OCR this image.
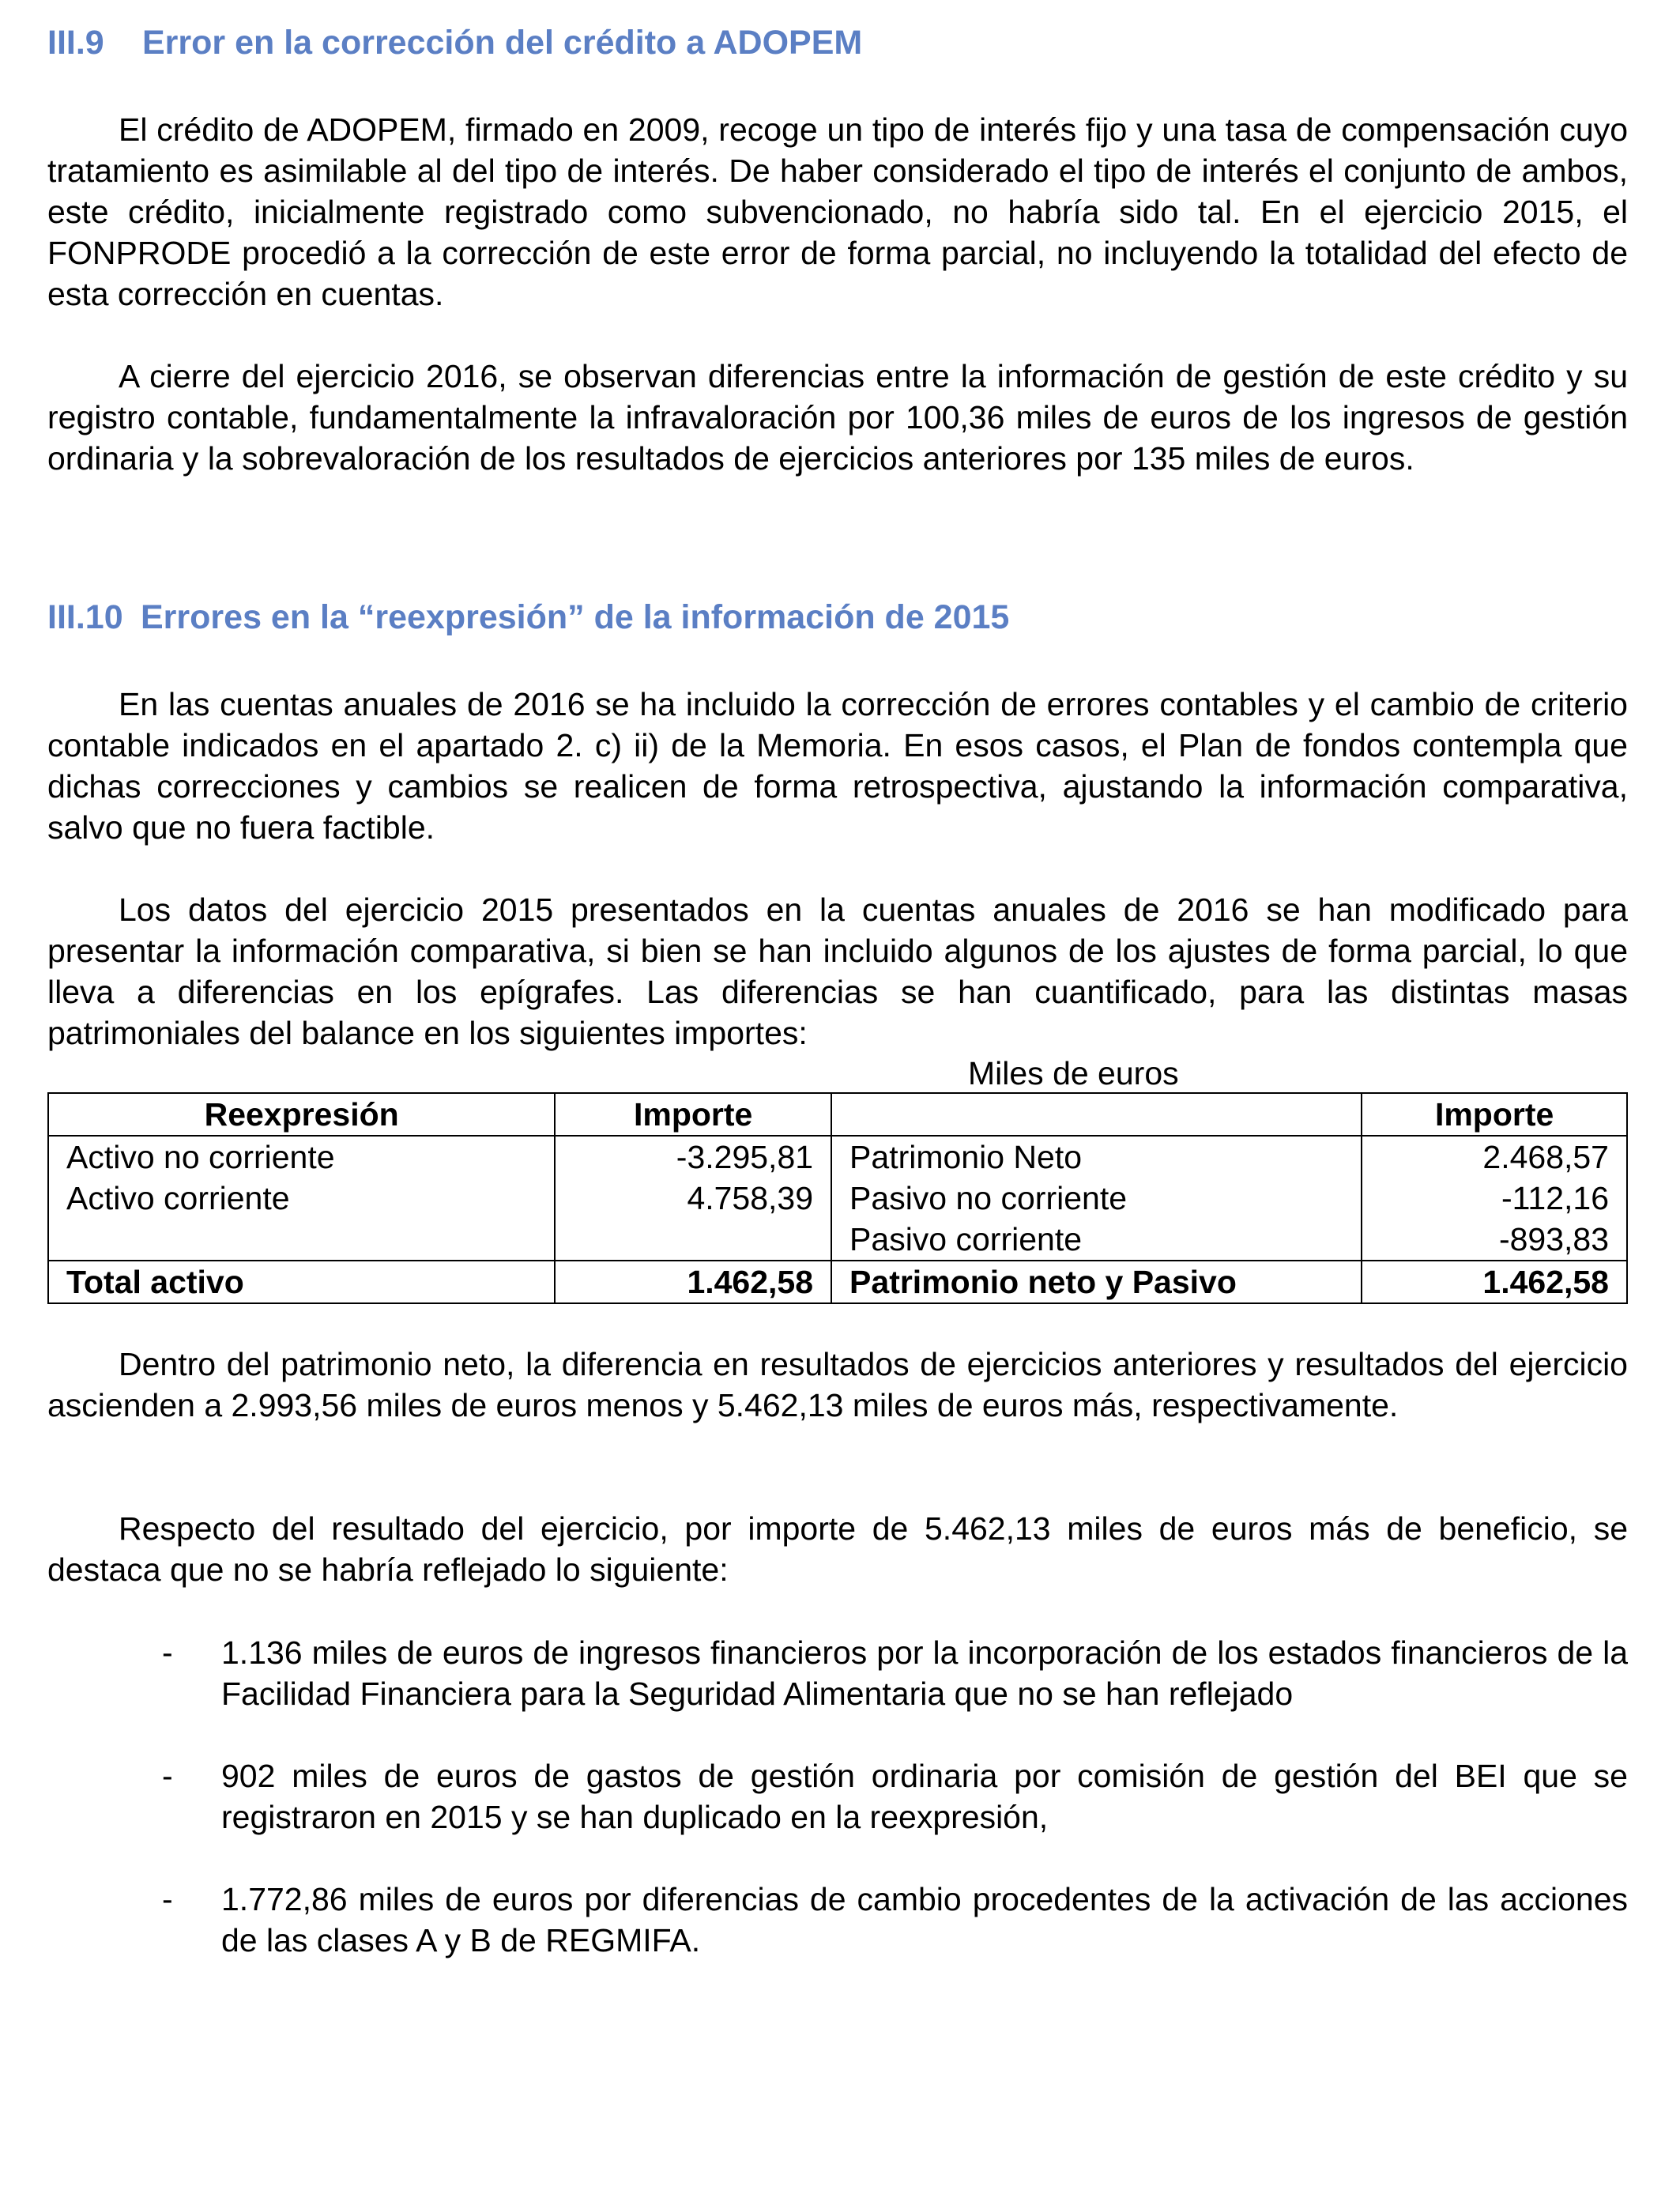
III.9 Error en la corrección del crédito a ADOPEM
El crédito de ADOPEM, firmado en 2009, recoge un tipo de interés fijo y una tasa de compensación cuyo tratamiento es asimilable al del tipo de interés. De haber considerado el tipo de interés el conjunto de ambos, este crédito, inicialmente registrado como subvencionado, no habría sido tal. En el ejercicio 2015, el FONPRODE procedió a la corrección de este error de forma parcial, no incluyendo la totalidad del efecto de esta corrección en cuentas.
A cierre del ejercicio 2016, se observan diferencias entre la información de gestión de este crédito y su registro contable, fundamentalmente la infravaloración por 100,36 miles de euros de los ingresos de gestión ordinaria y la sobrevaloración de los resultados de ejercicios anteriores por 135 miles de euros.
III.10 Errores en la “reexpresión” de la información de 2015
En las cuentas anuales de 2016 se ha incluido la corrección de errores contables y el cambio de criterio contable indicados en el apartado 2. c) ii) de la Memoria. En esos casos, el Plan de fondos contempla que dichas correcciones y cambios se realicen de forma retrospectiva, ajustando la información comparativa, salvo que no fuera factible.
Los datos del ejercicio 2015 presentados en la cuentas anuales de 2016 se han modificado para presentar la información comparativa, si bien se han incluido algunos de los ajustes de forma parcial, lo que lleva a diferencias en los epígrafes. Las diferencias se han cuantificado, para las distintas masas patrimoniales del balance en los siguientes importes:
Miles de euros
Reexpresión	Importe		Importe
Activo no corriente	-3.295,81	Patrimonio Neto	2.468,57
Activo corriente	4.758,39	Pasivo no corriente	-112,16
		Pasivo corriente	-893,83
Total activo	1.462,58	Patrimonio neto y Pasivo	1.462,58
Dentro del patrimonio neto, la diferencia en resultados de ejercicios anteriores y resultados del ejercicio ascienden a 2.993,56 miles de euros menos y 5.462,13 miles de euros más, respectivamente.
Respecto del resultado del ejercicio, por importe de 5.462,13 miles de euros más de beneficio, se destaca que no se habría reflejado lo siguiente:
- 1.136 miles de euros de ingresos financieros por la incorporación de los estados financieros de la Facilidad Financiera para la Seguridad Alimentaria que no se han reflejado
- 902 miles de euros de gastos de gestión ordinaria por comisión de gestión del BEI que se registraron en 2015 y se han duplicado en la reexpresión,
- 1.772,86 miles de euros por diferencias de cambio procedentes de la activación de las acciones de las clases A y B de REGMIFA.
